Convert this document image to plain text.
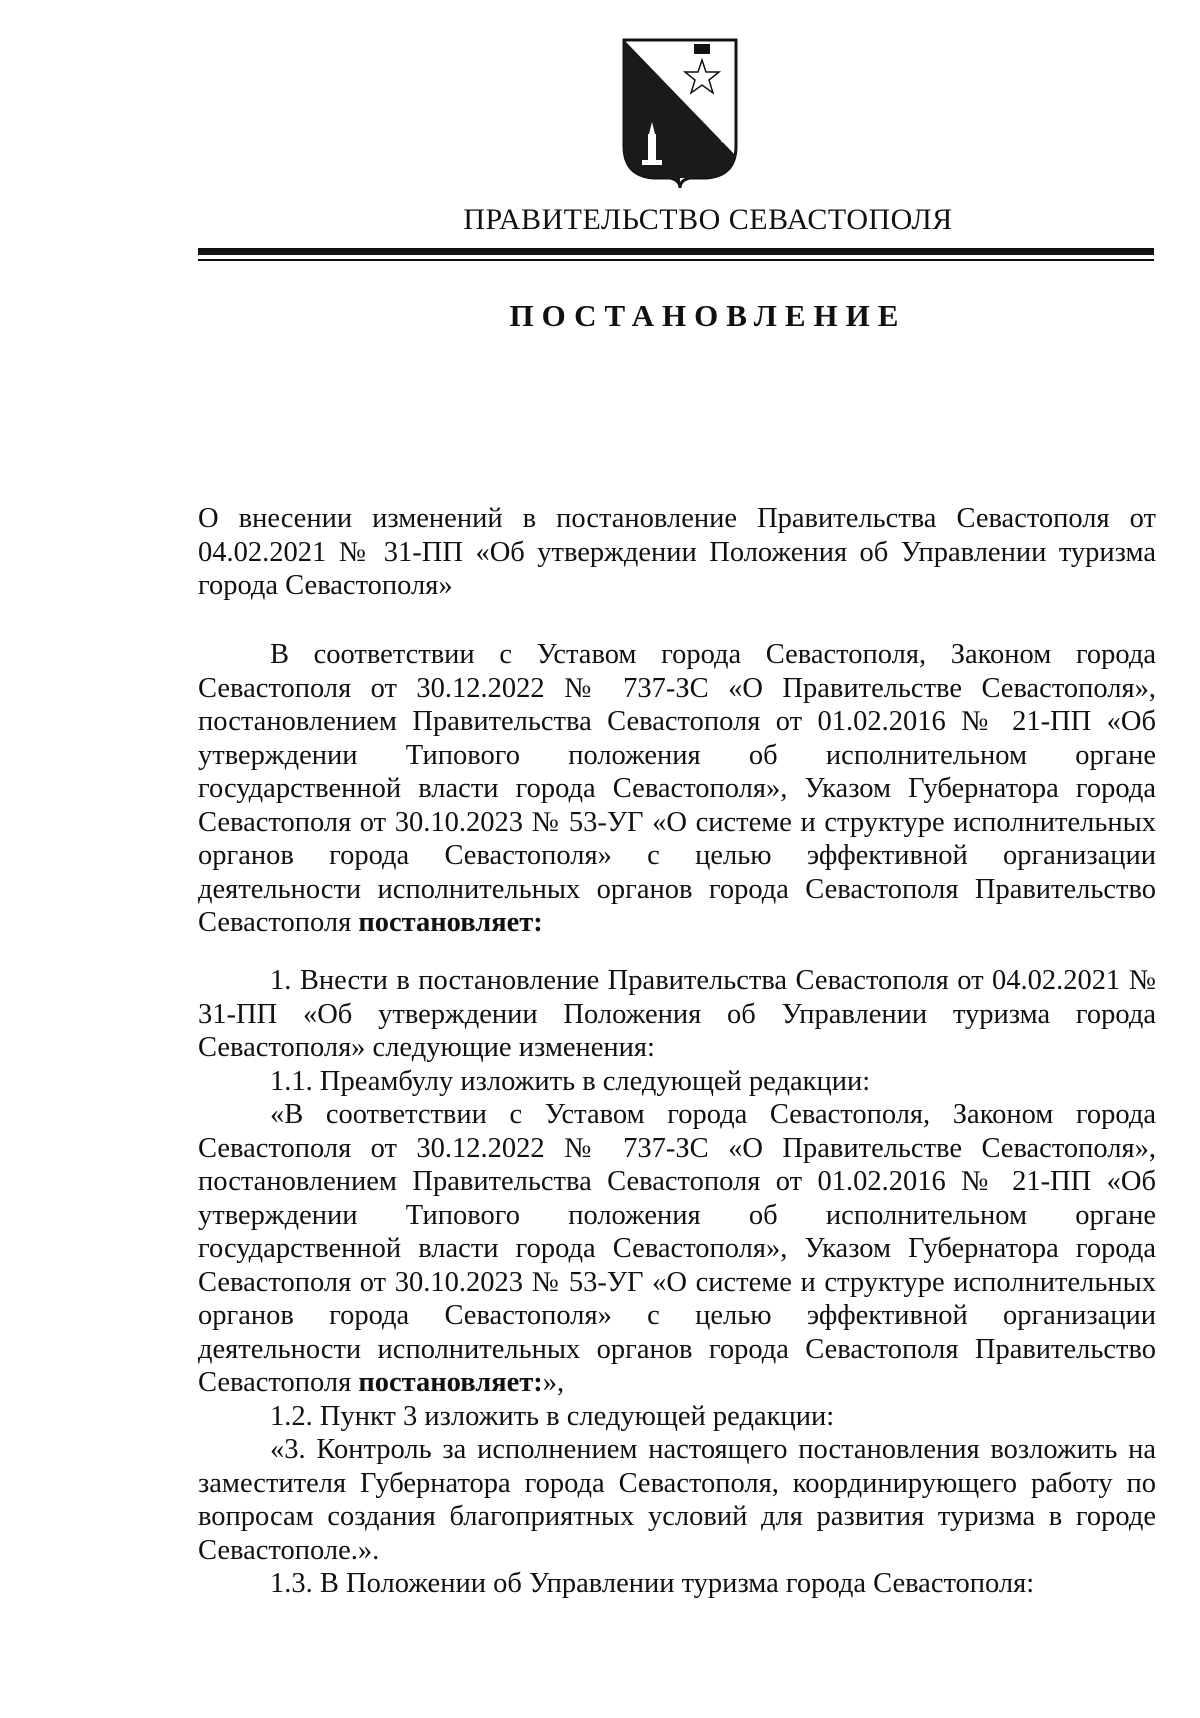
ПРАВИТЕЛЬСТВО СЕВАСТОПОЛЯ
ПОСТАНОВЛЕНИЕ

О внесении изменений в постановление Правительства Севастополя от 04.02.2021 № 31-ПП «Об утверждении Положения об Управлении туризма города Севастополя»

В соответствии с Уставом города Севастополя, Законом города Севастополя от 30.12.2022 № 737-ЗС «О Правительстве Севастополя», постановлением Правительства Севастополя от 01.02.2016 № 21-ПП «Об утверждении Типового положения об исполнительном органе государственной власти города Севастополя», Указом Губернатора города Севастополя от 30.10.2023 № 53-УГ «О системе и структуре исполнительных органов города Севастополя» с целью эффективной организации деятельности исполнительных органов города Севастополя Правительство Севастополя постановляет:

1. Внести в постановление Правительства Севастополя от 04.02.2021 № 31-ПП «Об утверждении Положения об Управлении туризма города Севастополя» следующие изменения:

1.1. Преамбулу изложить в следующей редакции:

«В соответствии с Уставом города Севастополя, Законом города Севастополя от 30.12.2022 № 737-ЗС «О Правительстве Севастополя», постановлением Правительства Севастополя от 01.02.2016 № 21-ПП «Об утверждении Типового положения об исполнительном органе государственной власти города Севастополя», Указом Губернатора города Севастополя от 30.10.2023 № 53-УГ «О системе и структуре исполнительных органов города Севастополя» с целью эффективной организации деятельности исполнительных органов города Севастополя Правительство Севастополя постановляет:»,

1.2. Пункт 3 изложить в следующей редакции:

«3. Контроль за исполнением настоящего постановления возложить на заместителя Губернатора города Севастополя, координирующего работу по вопросам создания благоприятных условий для развития туризма в городе Севастополе.».

1.3. В Положении об Управлении туризма города Севастополя:
